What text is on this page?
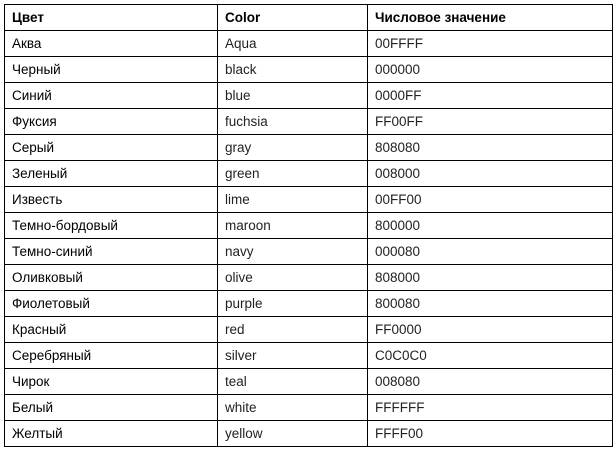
Цвет	Color	Числовое значение
Аква	Aqua	00FFFF
Черный	black	000000
Синий	blue	0000FF
Фуксия	fuchsia	FF00FF
Серый	gray	808080
Зеленый	green	008000
Известь	lime	00FF00
Темно-бордовый	maroon	800000
Темно-синий	navy	000080
Оливковый	olive	808000
Фиолетовый	purple	800080
Красный	red	FF0000
Серебряный	silver	C0C0C0
Чирок	teal	008080
Белый	white	FFFFFF
Желтый	yellow	FFFF00
